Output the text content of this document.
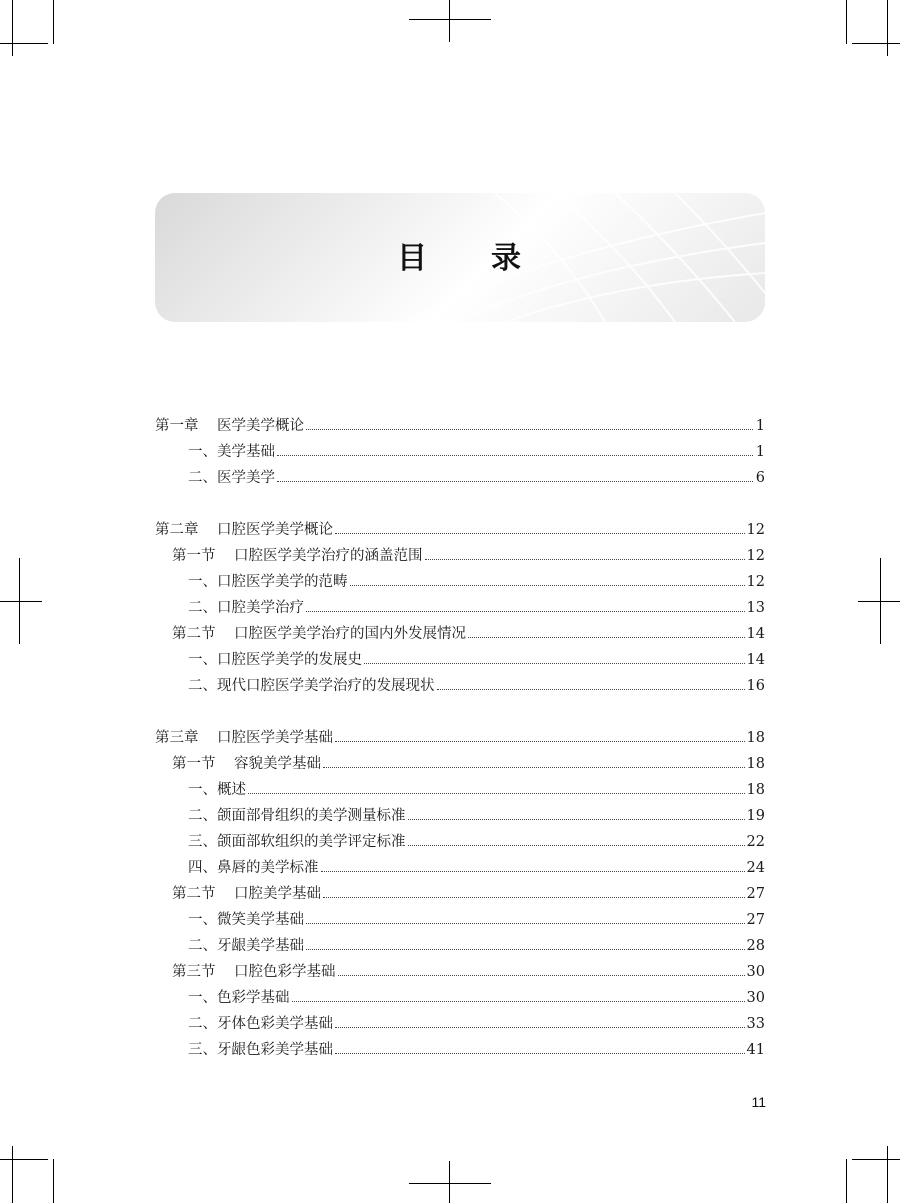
目 录
第一章 医学美学概论	1
一、美学基础	1
二、医学美学	6
第二章 口腔医学美学概论	12
第一节 口腔医学美学治疗的涵盖范围	12
一、口腔医学美学的范畴	12
二、口腔美学治疗	13
第二节 口腔医学美学治疗的国内外发展情况	14
一、口腔医学美学的发展史	14
二、现代口腔医学美学治疗的发展现状	16
第三章 口腔医学美学基础	18
第一节 容貌美学基础	18
一、概述	18
二、颌面部骨组织的美学测量标准	19
三、颌面部软组织的美学评定标准	22
四、鼻唇的美学标准	24
第二节 口腔美学基础	27
一、微笑美学基础	27
二、牙龈美学基础	28
第三节 口腔色彩学基础	30
一、色彩学基础	30
二、牙体色彩美学基础	33
三、牙龈色彩美学基础	41
11
